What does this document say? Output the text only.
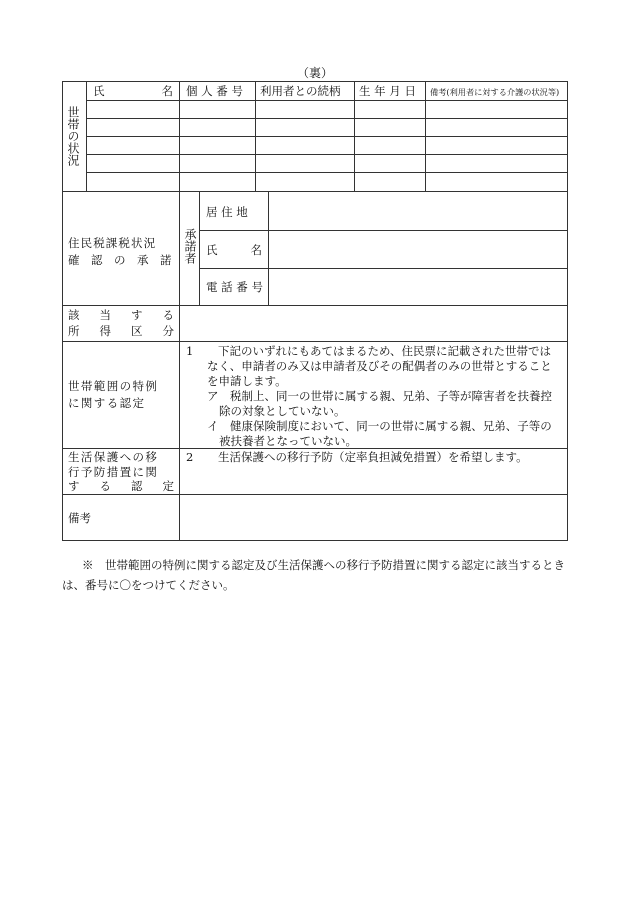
（裏）
世帯の状況
氏	名 個 人 番 号 利用者との続柄 生 年 月 日 備考(利用者に対する介護の状況等)
住民税課税状況
確　認　の　承　諾 承諾者
居 住 地
氏	名
電 話 番 号
該 当 す る
所 得 区 分
世帯範囲の特例
に関する認定
1 下記のいずれにもあてはまるため、住民票に記載された世帯では
なく、申請者のみ又は申請者及びその配偶者のみの世帯とすること
を申請します。
ア 税制上、同一の世帯に属する親、兄弟、子等が障害者を扶養控
除の対象としていない。
イ 健康保険制度において、同一の世帯に属する親、兄弟、子等の
被扶養者となっていない。
生活保護への移
行予防措置に関
す る 認 定
2 生活保護への移行予防（定率負担減免措置）を希望します。
備考
※　世帯範囲の特例に関する認定及び生活保護への移行予防措置に関する認定に該当するとき
は、番号に〇をつけてください。
